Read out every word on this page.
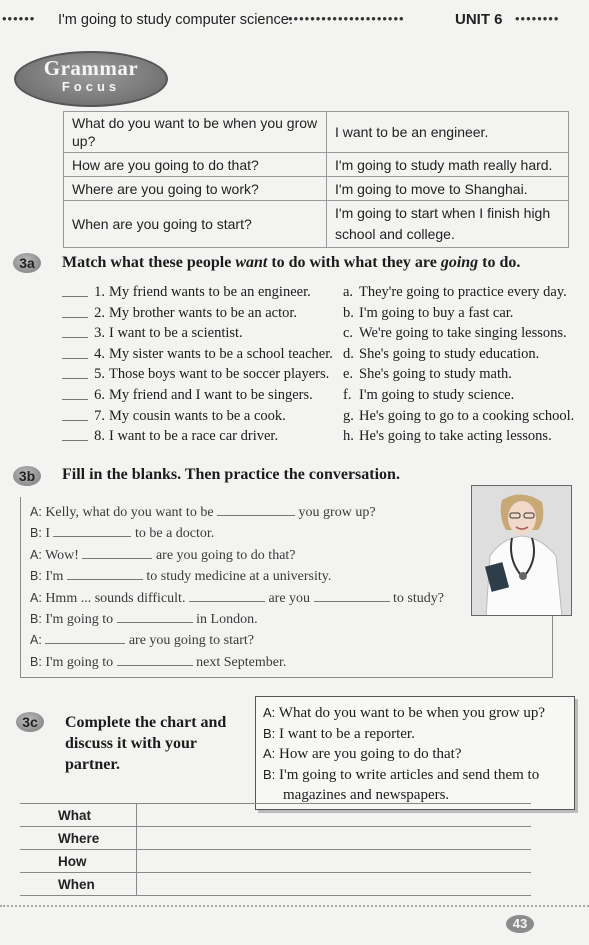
•••••• I'm going to study computer science.
•••••••••••••••••••••	UNIT 6 ••••••••
Grammar
Focus
What do you want to be when you grow up?	I want to be an engineer.
How are you going to do that?	I'm going to study math really hard.
Where are you going to work?	I'm going to move to Shanghai.
When are you going to start?	I'm going to start when I finish high school and college.
3a	Match what these people want to do with what they are going to do.
1. My friend wants to be an engineer.
2. My brother wants to be an actor.
3. I want to be a scientist.
4. My sister wants to be a school teacher.
5. Those boys want to be soccer players.
6. My friend and I want to be singers.
7. My cousin wants to be a cook.
8. I want to be a race car driver.
a. They're going to practice every day.
b. I'm going to buy a fast car.
c. We're going to take singing lessons.
d. She's going to study education.
e. She's going to study math.
f. I'm going to study science.
g. He's going to go to a cooking school.
h. He's going to take acting lessons.
3b	Fill in the blanks. Then practice the conversation.
A: Kelly, what do you want to be	you grow up?
B: I	to be a doctor.
A: Wow!	are you going to do that?
B: I'm	to study medicine at a university.
A: Hmm ... sounds difficult.	are you	to study?
B: I'm going to	in London.
A:	are you going to start?
B: I'm going to	next September.
3c	Complete the chart and discuss it with your partner.
A: What do you want to be when you grow up?
B: I want to be a reporter.
A: How are you going to do that?
B: I'm going to write articles and send them to
magazines and newspapers.
What	
Where	
How	
When	
43
